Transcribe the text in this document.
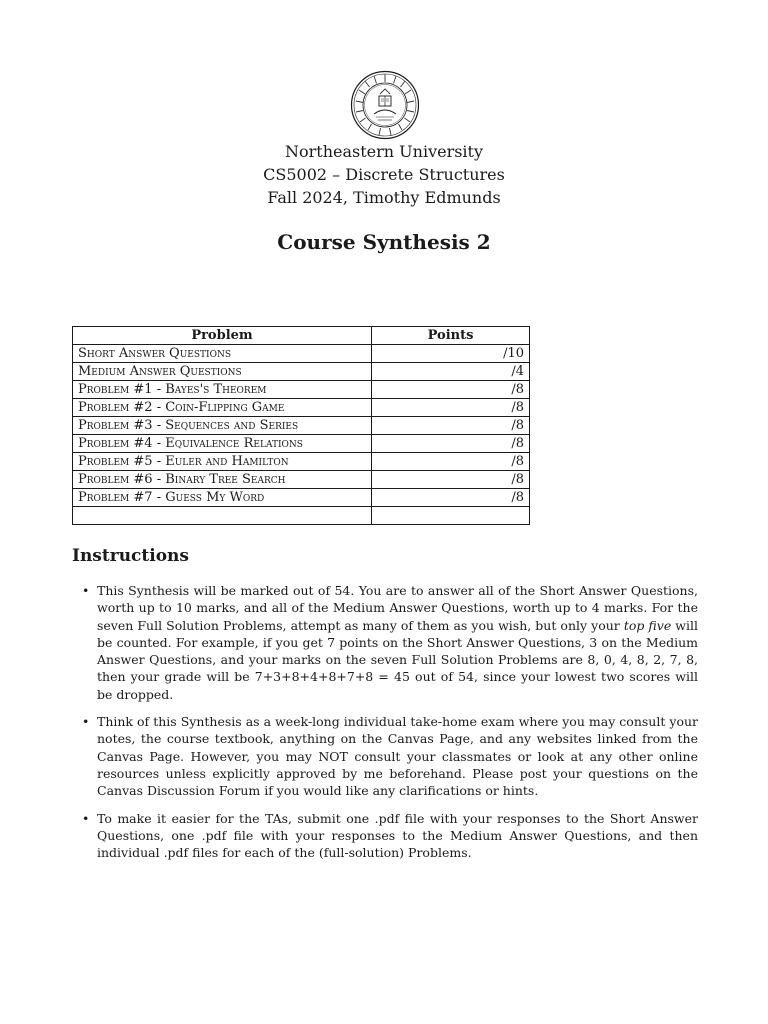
Northeastern University
CS5002 – Discrete Structures
Fall 2024, Timothy Edmunds
Course Synthesis 2
Problem	Points
Short Answer Questions	/10
Medium Answer Questions	/4
Problem #1 - Bayes's Theorem	/8
Problem #2 - Coin-Flipping Game	/8
Problem #3 - Sequences and Series	/8
Problem #4 - Equivalence Relations	/8
Problem #5 - Euler and Hamilton	/8
Problem #6 - Binary Tree Search	/8
Problem #7 - Guess My Word	/8

Instructions
• This Synthesis will be marked out of 54. You are to answer all of the Short Answer Questions, worth up to 10 marks, and all of the Medium Answer Questions, worth up to 4 marks. For the seven Full Solution Problems, attempt as many of them as you wish, but only your top five will be counted. For example, if you get 7 points on the Short Answer Questions, 3 on the Medium Answer Questions, and your marks on the seven Full Solution Problems are 8, 0, 4, 8, 2, 7, 8, then your grade will be 7+3+8+4+8+7+8 = 45 out of 54, since your lowest two scores will be dropped.
• Think of this Synthesis as a week-long individual take-home exam where you may consult your notes, the course textbook, anything on the Canvas Page, and any websites linked from the Canvas Page. However, you may NOT consult your classmates or look at any other online resources unless explicitly approved by me beforehand. Please post your questions on the Canvas Discussion Forum if you would like any clarifications or hints.
• To make it easier for the TAs, submit one .pdf file with your responses to the Short Answer Questions, one .pdf file with your responses to the Medium Answer Questions, and then individual .pdf files for each of the (full-solution) Problems.
